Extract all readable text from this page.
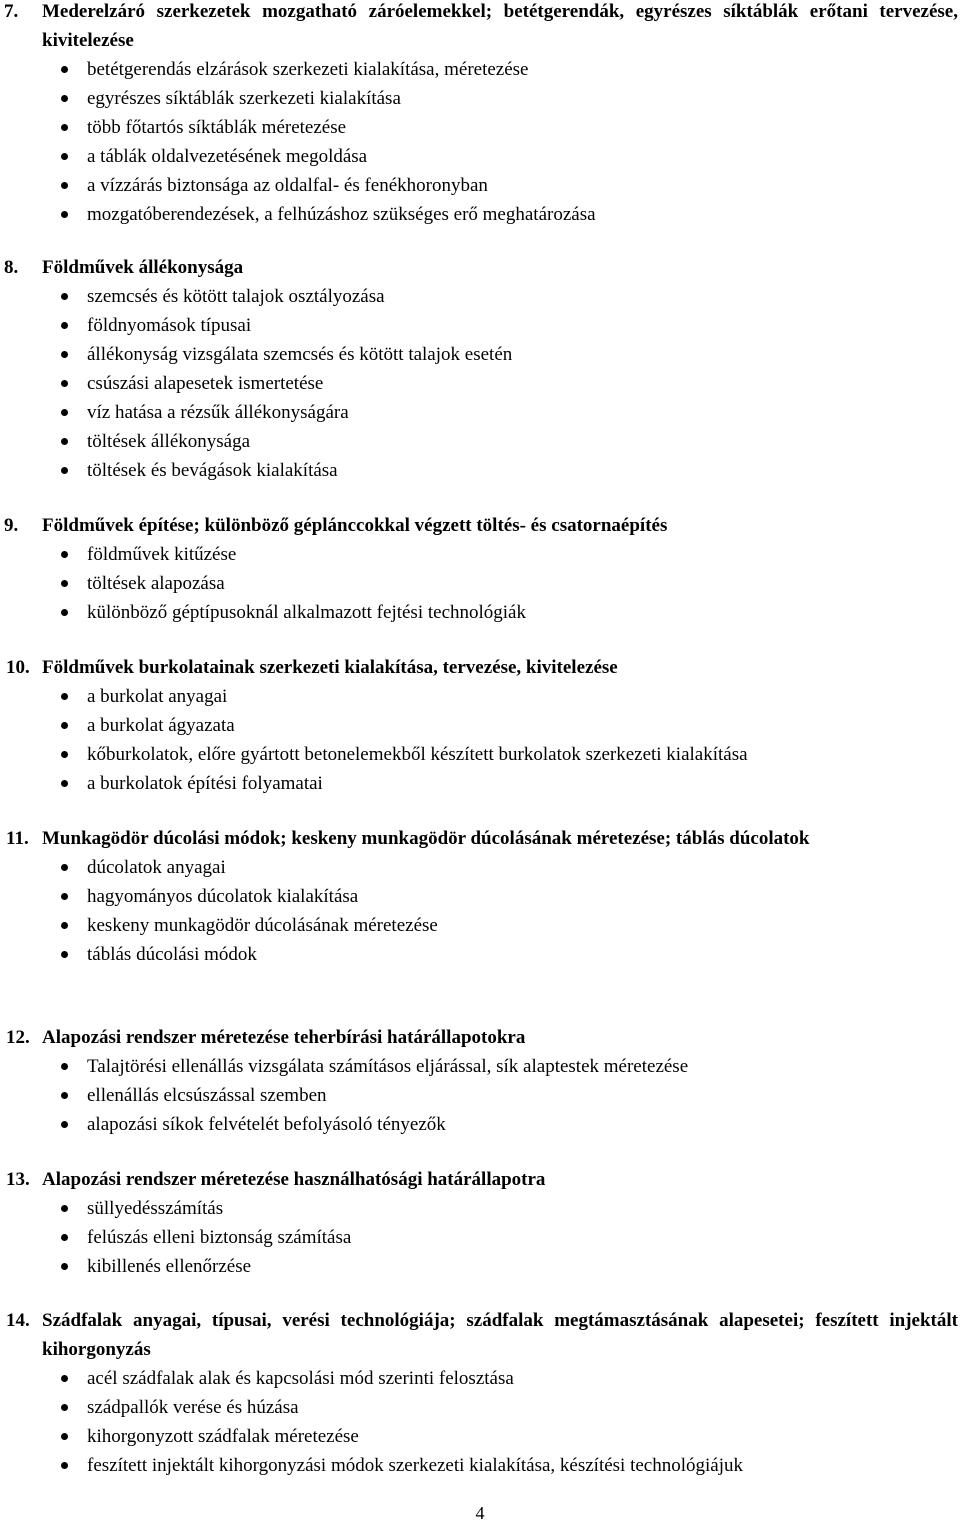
7. Mederelzáró szerkezetek mozgatható záróelemekkel; betétgerendák, egyrészes síktáblák erőtani tervezése, kivitelezése
betétgerendás elzárások szerkezeti kialakítása, méretezése
egyrészes síktáblák szerkezeti kialakítása
több főtartós síktáblák méretezése
a táblák oldalvezetésének megoldása
a vízzárás biztonsága az oldalfal- és fenékhoronyban
mozgatóberendezések, a felhúzáshoz szükséges erő meghatározása
8. Földművek állékonysága
szemcsés és kötött talajok osztályozása
földnyomások típusai
állékonyság vizsgálata szemcsés és kötött talajok esetén
csúszási alapesetek ismertetése
víz hatása a rézsűk állékonyságára
töltések állékonysága
töltések és bevágások kialakítása
9. Földművek építése; különböző géplánccokkal végzett töltés- és csatornaépítés
földművek kitűzése
töltések alapozása
különböző géptípusoknál alkalmazott fejtési technológiák
10. Földművek burkolatainak szerkezeti kialakítása, tervezése, kivitelezése
a burkolat anyagai
a burkolat ágyazata
kőburkolatok, előre gyártott betonelemekből készített burkolatok szerkezeti kialakítása
a burkolatok építési folyamatai
11. Munkagödör dúcolási módok; keskeny munkagödör dúcolásának méretezése; táblás dúcolatok
dúcolatok anyagai
hagyományos dúcolatok kialakítása
keskeny munkagödör dúcolásának méretezése
táblás dúcolási módok
12. Alapozási rendszer méretezése teherbírási határállapotokra
Talajtörési ellenállás vizsgálata számításos eljárással, sík alaptestek méretezése
ellenállás elcsúszással szemben
alapozási síkok felvételét befolyásoló tényezők
13. Alapozási rendszer méretezése használhatósági határállapotra
süllyedésszámítás
felúszás elleni biztonság számítása
kibillenés ellenőrzése
14. Szádfalak anyagai, típusai, verési technológiája; szádfalak megtámasztásának alapesetei; feszített injektált kihorgonyzás
acél szádfalak alak és kapcsolási mód szerinti felosztása
szádpallók verése és húzása
kihorgonyzott szádfalak méretezése
feszített injektált kihorgonyzási módok szerkezeti kialakítása, készítési technológiájuk
4
